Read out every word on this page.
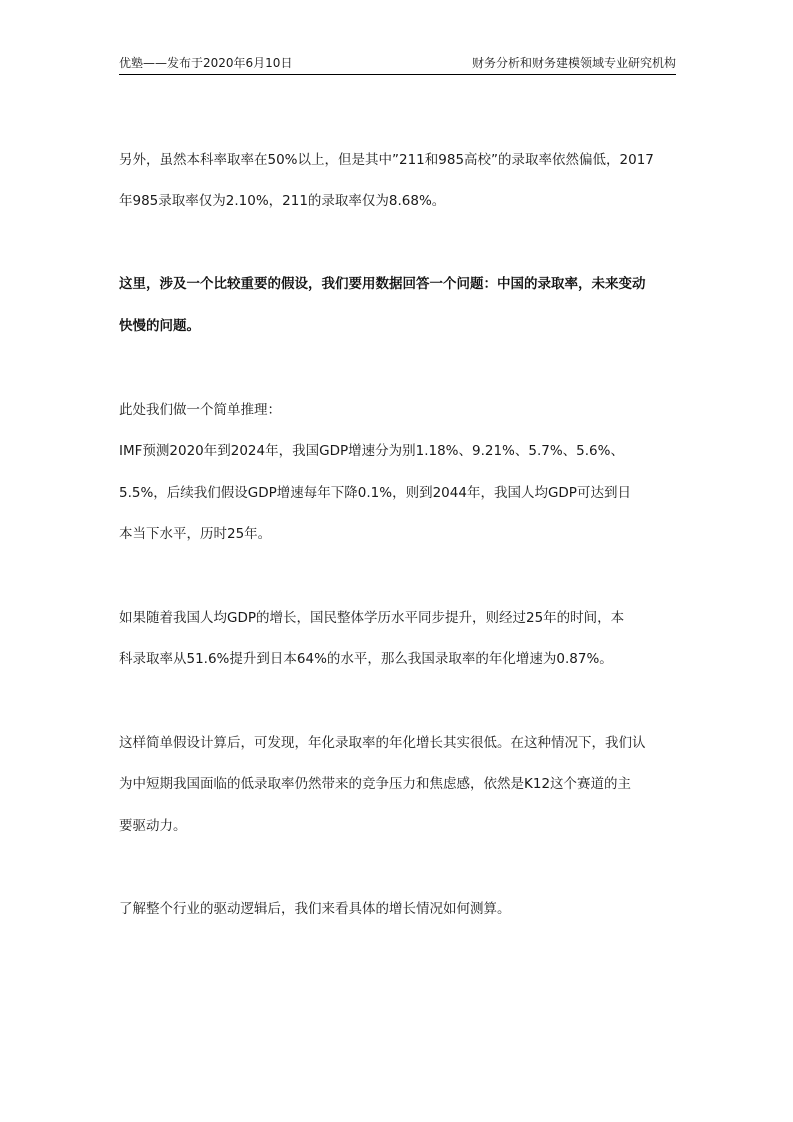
优塾——发布于2020年6月10日	财务分析和财务建模领域专业研究机构
另外，虽然本科率取率在50%以上，但是其中”211和985高校”的录取率依然偏低，2017
年985录取率仅为2.10%，211的录取率仅为8.68%。
这里，涉及一个比较重要的假设，我们要用数据回答一个问题：中国的录取率，未来变动
快慢的问题。
此处我们做一个简单推理：
IMF预测2020年到2024年，我国GDP增速分为别1.18%、9.21%、5.7%、5.6%、
5.5%，后续我们假设GDP增速每年下降0.1%，则到2044年，我国人均GDP可达到日
本当下水平，历时25年。
如果随着我国人均GDP的增长，国民整体学历水平同步提升，则经过25年的时间，本
科录取率从51.6%提升到日本64%的水平，那么我国录取率的年化增速为0.87%。
这样简单假设计算后，可发现，年化录取率的年化增长其实很低。在这种情况下，我们认
为中短期我国面临的低录取率仍然带来的竞争压力和焦虑感，依然是K12这个赛道的主
要驱动力。
了解整个行业的驱动逻辑后，我们来看具体的增长情况如何测算。
